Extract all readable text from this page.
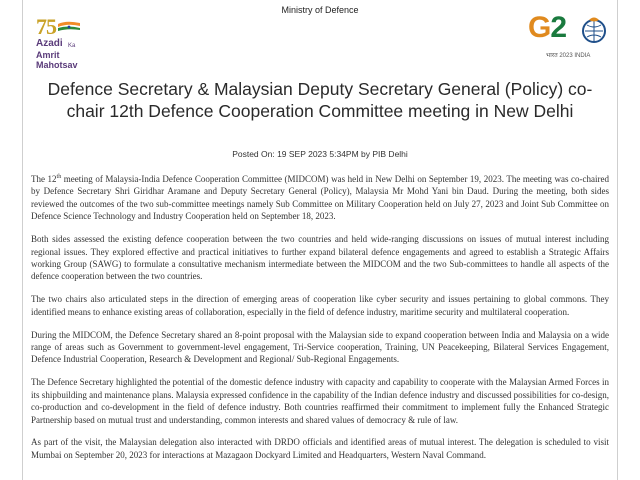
Ministry of Defence
75
Azadi Ka
Amrit Mahotsav
G2
भारत 2023 INDIA
Defence Secretary & Malaysian Deputy Secretary General (Policy) co-chair 12th Defence Cooperation Committee meeting in New Delhi
Posted On: 19 SEP 2023 5:34PM by PIB Delhi

The 12th meeting of Malaysia-India Defence Cooperation Committee (MIDCOM) was held in New Delhi on September 19, 2023. The meeting was co-chaired by Defence Secretary Shri Giridhar Aramane and Deputy Secretary General (Policy), Malaysia Mr Mohd Yani bin Daud. During the meeting, both sides reviewed the outcomes of the two sub-committee meetings namely Sub Committee on Military Cooperation held on July 27, 2023 and Joint Sub Committee on Defence Science Technology and Industry Cooperation held on September 18, 2023.

Both sides assessed the existing defence cooperation between the two countries and held wide-ranging discussions on issues of mutual interest including regional issues. They explored effective and practical initiatives to further expand bilateral defence engagements and agreed to establish a Strategic Affairs working Group (SAWG) to formulate a consultative mechanism intermediate between the MIDCOM and the two Sub-committees to handle all aspects of the defence cooperation between the two countries.

The two chairs also articulated steps in the direction of emerging areas of cooperation like cyber security and issues pertaining to global commons. They identified means to enhance existing areas of collaboration, especially in the field of defence industry, maritime security and multilateral cooperation.

During the MIDCOM, the Defence Secretary shared an 8-point proposal with the Malaysian side to expand cooperation between India and Malaysia on a wide range of areas such as Government to government-level engagement, Tri-Service cooperation, Training, UN Peacekeeping, Bilateral Services Engagement, Defence Industrial Cooperation, Research & Development and Regional/ Sub-Regional Engagements.

The Defence Secretary highlighted the potential of the domestic defence industry with capacity and capability to cooperate with the Malaysian Armed Forces in its shipbuilding and maintenance plans. Malaysia expressed confidence in the capability of the Indian defence industry and discussed possibilities for co-design, co-production and co-development in the field of defence industry. Both countries reaffirmed their commitment to implement fully the Enhanced Strategic Partnership based on mutual trust and understanding, common interests and shared values of democracy & rule of law.

As part of the visit, the Malaysian delegation also interacted with DRDO officials and identified areas of mutual interest. The delegation is scheduled to visit Mumbai on September 20, 2023 for interactions at Mazagaon Dockyard Limited and Headquarters, Western Naval Command.
